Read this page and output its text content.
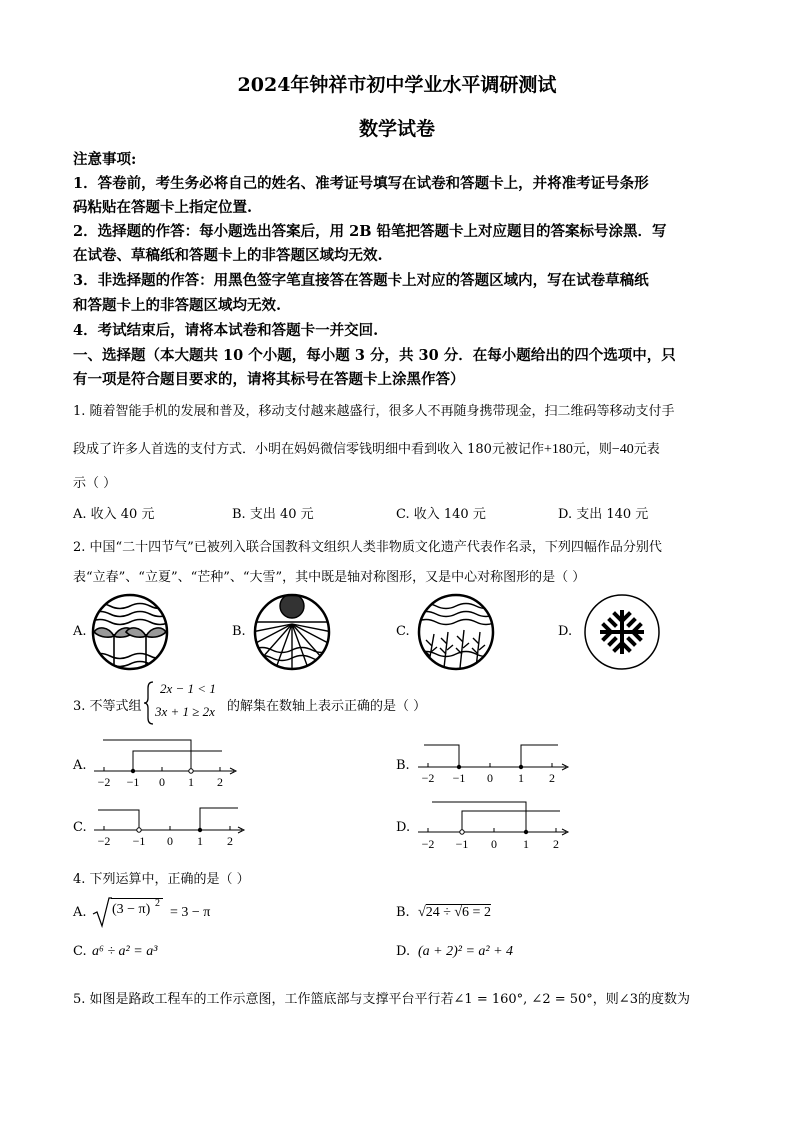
2024年钟祥市初中学业水平调研测试
数学试卷
注意事项:
1．答卷前，考生务必将自己的姓名、准考证号填写在试卷和答题卡上，并将准考证号条形
码粘贴在答题卡上指定位置.
2．选择题的作答：每小题选出答案后，用 2B 铅笔把答题卡上对应题目的答案标号涂黑．写
在试卷、草稿纸和答题卡上的非答题区域均无效.
3．非选择题的作答：用黑色签字笔直接答在答题卡上对应的答题区域内，写在试卷草稿纸
和答题卡上的非答题区域均无效.
4．考试结束后，请将本试卷和答题卡一并交回.
一、选择题（本大题共 10 个小题，每小题 3 分，共 30 分．在每小题给出的四个选项中，只
有一项是符合题目要求的，请将其标号在答题卡上涂黑作答）
1. 随着智能手机的发展和普及，移动支付越来越盛行，很多人不再随身携带现金，扫二维码等移动支付手
段成了许多人首选的支付方式．小明在妈妈微信零钱明细中看到收入 180元被记作+180元，则−40元表
示（ ）
A. 收入 40 元	B. 支出 40 元	C. 收入 140 元	D. 支出 140 元
2. 中国“二十四节气”已被列入联合国教科文组织人类非物质文化遗产代表作名录，下列四幅作品分别代
表“立春”、“立夏”、“芒种”、“大雪”，其中既是轴对称图形，又是中心对称图形的是（ ）
A.	B.	C.	D.
3. 不等式组
2x − 1 < 1
3x + 1 ≥ 2x 的解集在数轴上表示正确的是（ ）
A.	B.
C.	D.
−2 −1 0 1 2	−2 −1 0 1 2
−2 −1 0 1 2	−2 −1 0 1 2
4. 下列运算中，正确的是（ ）
A. (3 − π) 2
= 3 − π	B. √24 ÷ √6 = 2
C. a⁶ ÷ a² = a³	D. (a + 2)² = a² + 4
5. 如图是路政工程车的工作示意图，工作篮底部与支撑平台平行若∠1 = 160°, ∠2 = 50°，则∠3的度数为
